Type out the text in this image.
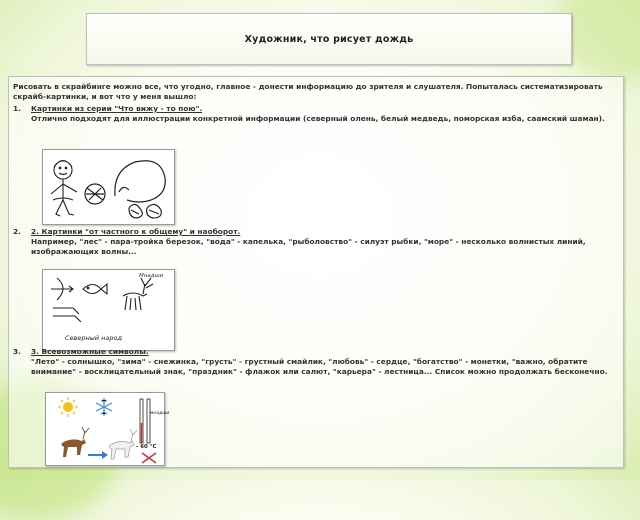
Художник, что рисует дождь
Рисовать в скрайбинге можно все, что угодно, главное - донести информацию до зрителя и слушателя. Попыталась систематизировать скрайб-картинки, и вот что у меня вышло:
1. Картинки из серии "Что вижу - то пою".
Отлично подходят для иллюстрации конкретной информации (северный олень, белый медведь, поморская изба, саамский шаман).
2. 2. Картинки "от частного к общему" и наоборот.
Например, "лес" - пара-тройка березок, "вода" - капелька, "рыболовство" - силуэт рыбки, "море" - несколько волнистых линий, изображающих волны...
Мнадши
Северный народ
3. 3. Всевозможные символы.
"Лето" - солнышко, "зима" - снежинка, "грусть" - грустный смайлик, "любовь" - сердце, "богатство" - монетки, "важно, обратите внимание" - восклицательный знак, "праздник" - флажок или салют, "карьера" - лестница... Список можно продолжать бесконечно.
мнадши
- 60 °С
